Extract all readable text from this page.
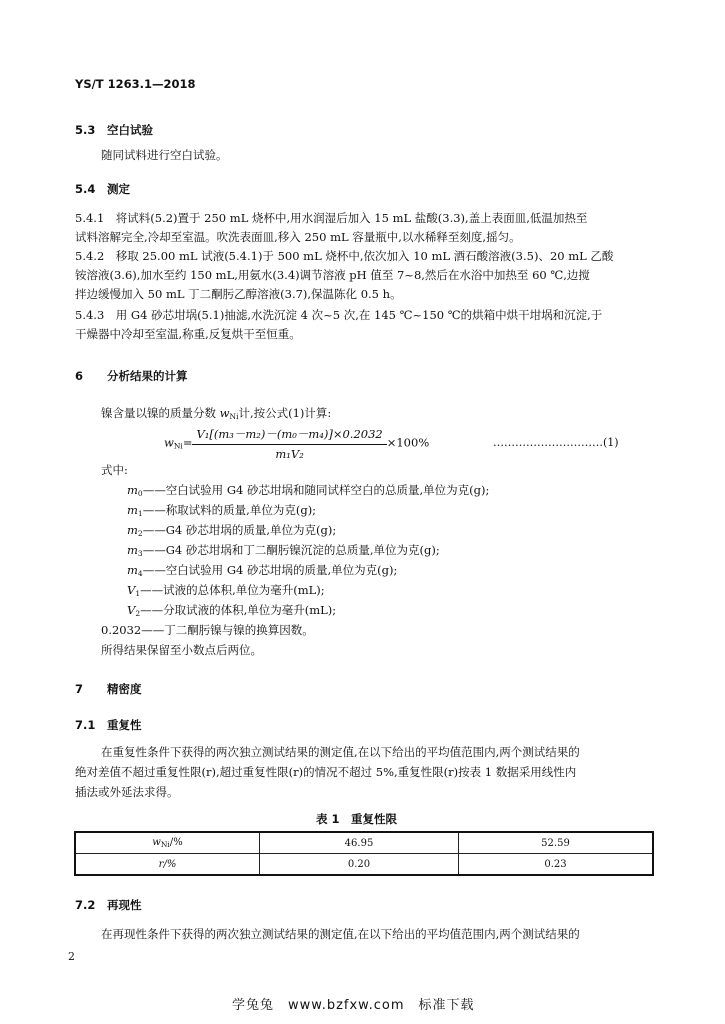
YS/T 1263.1—2018
5.3 空白试验
随同试料进行空白试验。
5.4 测定
5.4.1　将试料(5.2)置于 250 mL 烧杯中,用水润湿后加入 15 mL 盐酸(3.3),盖上表面皿,低温加热至
试料溶解完全,冷却至室温。吹洗表面皿,移入 250 mL 容量瓶中,以水稀释至刻度,摇匀。
5.4.2　移取 25.00 mL 试液(5.4.1)于 500 mL 烧杯中,依次加入 10 mL 酒石酸溶液(3.5)、20 mL 乙酸
铵溶液(3.6),加水至约 150 mL,用氨水(3.4)调节溶液 pH 值至 7~8,然后在水浴中加热至 60 ℃,边搅
拌边缓慢加入 50 mL 丁二酮肟乙醇溶液(3.7),保温陈化 0.5 h。
5.4.3　用 G4 砂芯坩埚(5.1)抽滤,水洗沉淀 4 次~5 次,在 145 ℃~150 ℃的烘箱中烘干坩埚和沉淀,于
干燥器中冷却至室温,称重,反复烘干至恒重。
6 分析结果的计算
镍含量以镍的质量分数 $w_{Ni}$计,按公式(1)计算:
$w_{Ni}= \frac{\text{V₁[(m₃－m₂)－(m₀－m₄)]×0.2032}}{\text{m₁V₂}} \times 100\%$	…………………………(1)
式中:
$m_0——$空白试验用 G4 砂芯坩埚和随同试样空白的总质量,单位为克(g);
$m_1——$称取试料的质量,单位为克(g);
$m_2——G4$ 砂芯坩埚的质量,单位为克(g);
$m_3——G4$ 砂芯坩埚和丁二酮肟镍沉淀的总质量,单位为克(g);
$m_4——$空白试验用 G4 砂芯坩埚的质量,单位为克(g);
$V_1——$试液的总体积,单位为毫升(mL);
$V_2——$分取试液的体积,单位为毫升(mL);
0.2032——丁二酮肟镍与镍的换算因数。
所得结果保留至小数点后两位。
7 精密度
7.1 重复性
在重复性条件下获得的两次独立测试结果的测定值,在以下给出的平均值范围内,两个测试结果的
绝对差值不超过重复性限(r),超过重复性限(r)的情况不超过 5%,重复性限(r)按表 1 数据采用线性内
插法或外延法求得。
表 1　重复性限
$w_{Ni}/\%$	46.95	52.59
r/%	0.20	0.23
7.2 再现性
在再现性条件下获得的两次独立测试结果的测定值,在以下给出的平均值范围内,两个测试结果的
2
学兔兔　www.bzfxw.com　标准下载
